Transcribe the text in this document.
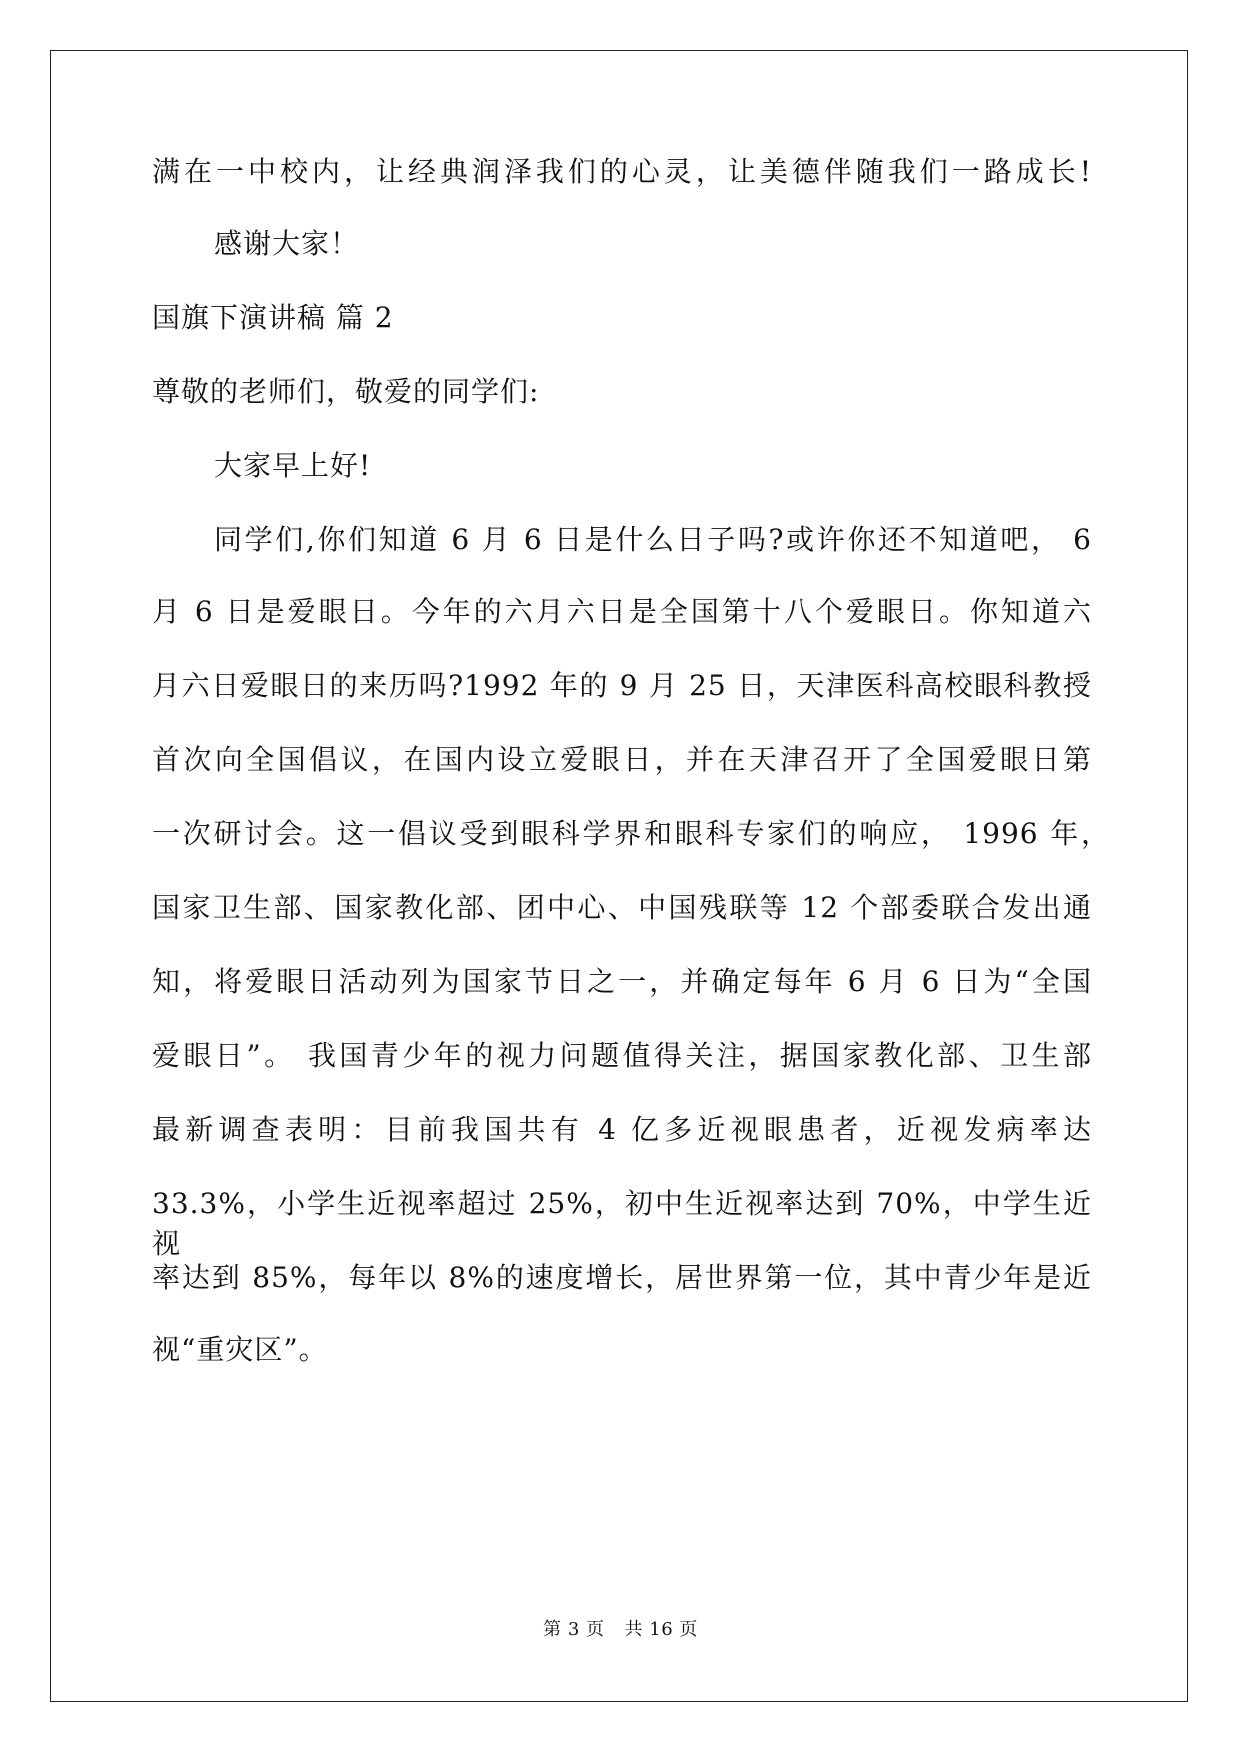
满在一中校内，让经典润泽我们的心灵，让美德伴随我们一路成长!
感谢大家！
国旗下演讲稿 篇 2
尊敬的老师们，敬爱的同学们:
大家早上好!
同学们,你们知道 6 月 6 日是什么日子吗?或许你还不知道吧， 6
月 6 日是爱眼日。今年的六月六日是全国第十八个爱眼日。你知道六
月六日爱眼日的来历吗?1992 年的 9 月 25 日，天津医科高校眼科教授
首次向全国倡议，在国内设立爱眼日，并在天津召开了全国爱眼日第
一次研讨会。这一倡议受到眼科学界和眼科专家们的响应， 1996 年，
国家卫生部、国家教化部、团中心、中国残联等 12 个部委联合发出通
知，将爱眼日活动列为国家节日之一，并确定每年 6 月 6 日为“全国
爱眼日”。 我国青少年的视力问题值得关注，据国家教化部、卫生部
最新调查表明：目前我国共有 4 亿多近视眼患者，近视发病率达
33.3%，小学生近视率超过 25%，初中生近视率达到 70%，中学生近视
率达到 85%，每年以 8%的速度增长，居世界第一位，其中青少年是近
视“重灾区”。
第 3 页 共 16 页
